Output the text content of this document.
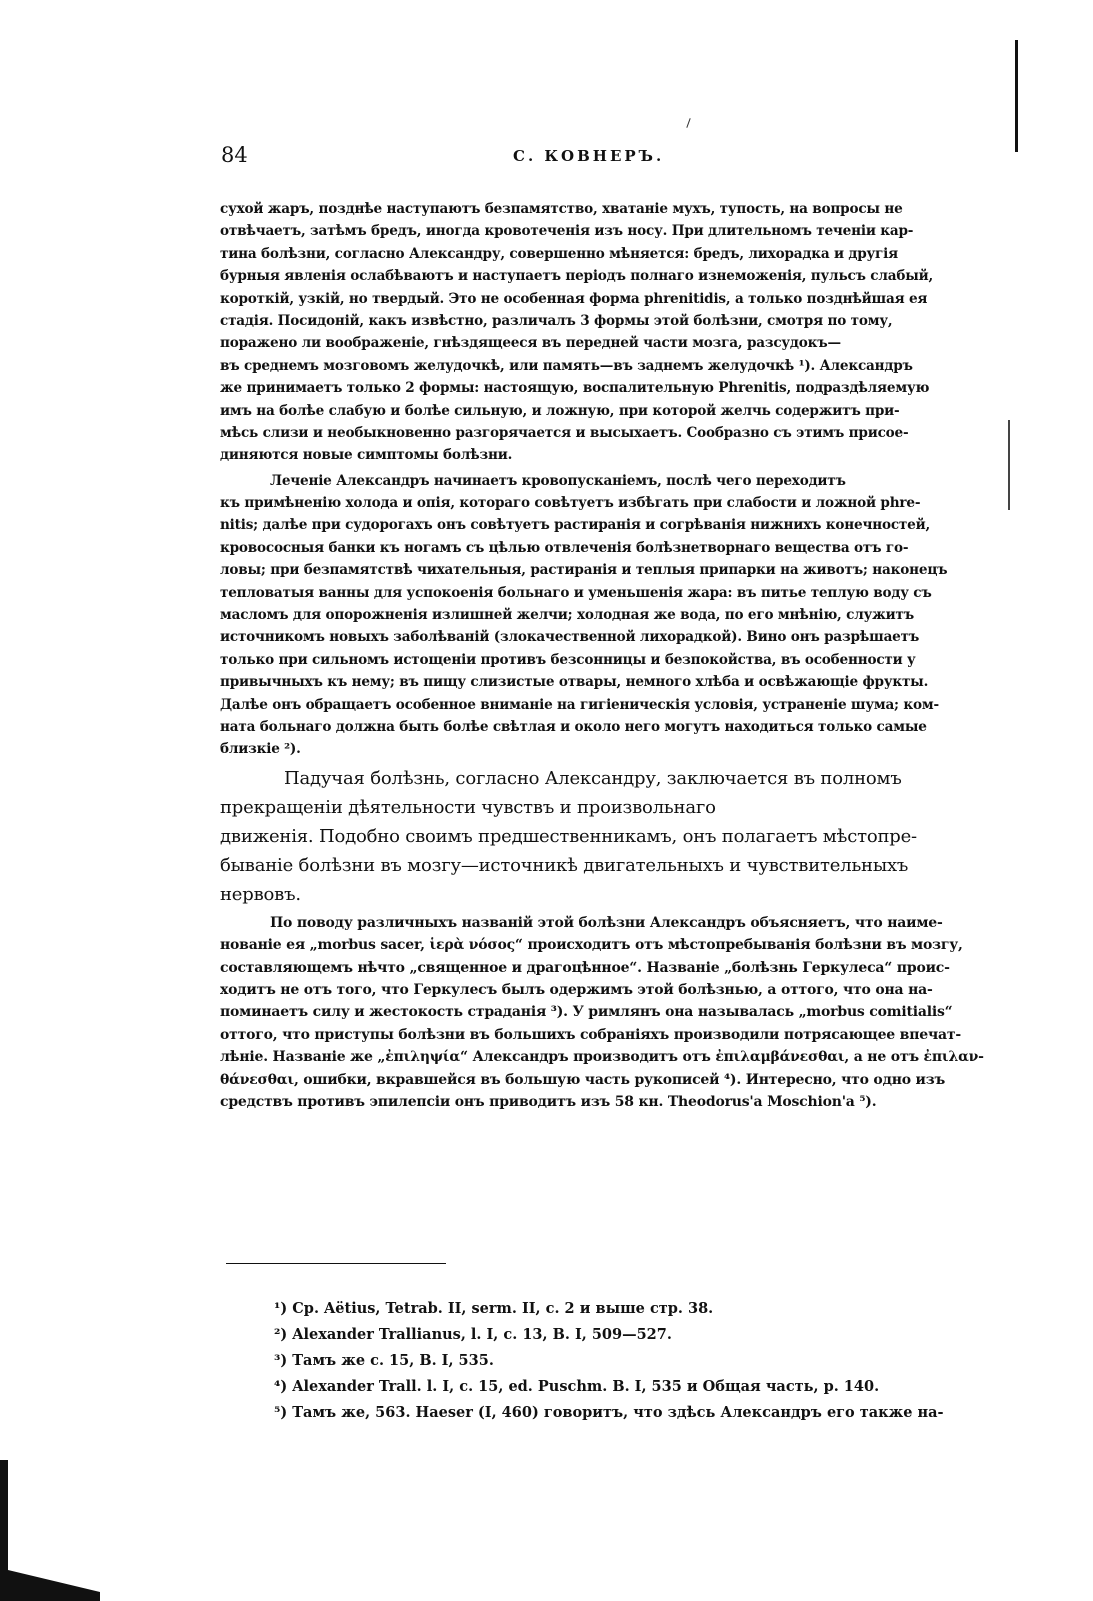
84	С. КОВНЕРЪ.
сухой жаръ, позднѣе наступаютъ безпамятство, хватаніе мухъ, тупость, на вопросы не
отвѣчаетъ, затѣмъ бредъ, иногда кровотеченія изъ носу. При длительномъ теченіи кар-
тина болѣзни, согласно Александру, совершенно мѣняется: бредъ, лихорадка и другія
бурныя явленія ослабѣваютъ и наступаетъ періодъ полнаго изнеможенія, пульсъ слабый,
короткій, узкій, но твердый. Это не особенная форма phrenitidis, а только позднѣйшая ея
стадія. Посидоній, какъ извѣстно, различалъ 3 формы этой болѣзни, смотря по тому,
поражено ли воображеніе, гнѣздящееся въ передней части мозга, разсудокъ—
въ среднемъ мозговомъ желудочкѣ, или память—въ заднемъ желудочкѣ ¹). Александръ
же принимаетъ только 2 формы: настоящую, воспалительную Phrenitis, подраздѣляемую
имъ на болѣе слабую и болѣе сильную, и ложную, при которой желчь содержитъ при-
мѣсь слизи и необыкновенно разгорячается и высыхаетъ. Сообразно съ этимъ присое-
диняются новые симптомы болѣзни.
Леченіе Александръ начинаетъ кровопусканіемъ, послѣ чего переходитъ
къ примѣненію холода и опія, котораго совѣтуетъ избѣгать при слабости и ложной phre-
nitis; далѣе при судорогахъ онъ совѣтуетъ растиранія и согрѣванія нижнихъ конечностей,
кровососныя банки къ ногамъ съ цѣлью отвлеченія болѣзнетворнаго вещества отъ го-
ловы; при безпамятствѣ чихательныя, растиранія и теплыя припарки на животъ; наконецъ
тепловатыя ванны для успокоенія больнаго и уменьшенія жара: въ питье теплую воду съ
масломъ для опорожненія излишней желчи; холодная же вода, по его мнѣнію, служитъ
источникомъ новыхъ заболѣваній (злокачественной лихорадкой). Вино онъ разрѣшаетъ
только при сильномъ истощеніи противъ безсонницы и безпокойства, въ особенности у
привычныхъ къ нему; въ пищу слизистые отвары, немного хлѣба и освѣжающіе фрукты.
Далѣе онъ обращаетъ особенное вниманіе на гигіеническія условія, устраненіе шума; ком-
ната больнаго должна быть болѣе свѣтлая и около него могутъ находиться только самые
близкіе ²).
Падучая болѣзнь, согласно Александру, заключается въ полномъ
прекращеніи дѣятельности чувствъ и произвольнаго
движенія. Подобно своимъ предшественникамъ, онъ полагаетъ мѣстопре-
бываніе болѣзни въ мозгу—источникѣ двигательныхъ и чувствительныхъ
нервовъ.
По поводу различныхъ названій этой болѣзни Александръ объясняетъ, что наиме-
нованіе ея „morbus sacer, ἱερὰ νόσος“ происходитъ отъ мѣстопребыванія болѣзни въ мозгу,
составляющемъ нѣчто „священное и драгоцѣнное“. Названіе „болѣзнь Геркулеса“ проис-
ходитъ не отъ того, что Геркулесъ былъ одержимъ этой болѣзнью, а оттого, что она на-
поминаетъ силу и жестокость страданія ³). У римлянъ она называлась „morbus comitialis“
оттого, что приступы болѣзни въ большихъ собраніяхъ производили потрясающее впечат-
лѣніе. Названіе же „ἐπιληψία“ Александръ производитъ отъ ἐπιλαμβάνεσθαι, а не отъ ἐπιλαν-
θάνεσθαι, ошибки, вкравшейся въ большую часть рукописей ⁴). Интересно, что одно изъ
средствъ противъ эпилепсіи онъ приводитъ изъ 58 кн. Theodorus'а Moschion'а ⁵).
¹) Cp. Aëtius, Tetrab. II, serm. II, c. 2 и выше стр. 38.
²) Alexander Trallianus, l. I, c. 13, B. I, 509—527.
³) Тамъ же c. 15, B. I, 535.
⁴) Alexander Trall. l. I, c. 15, ed. Puschm. B. I, 535 и Общая часть, p. 140.
⁵) Тамъ же, 563. Haeser (I, 460) говоритъ, что здѣсь Александръ его также на-
